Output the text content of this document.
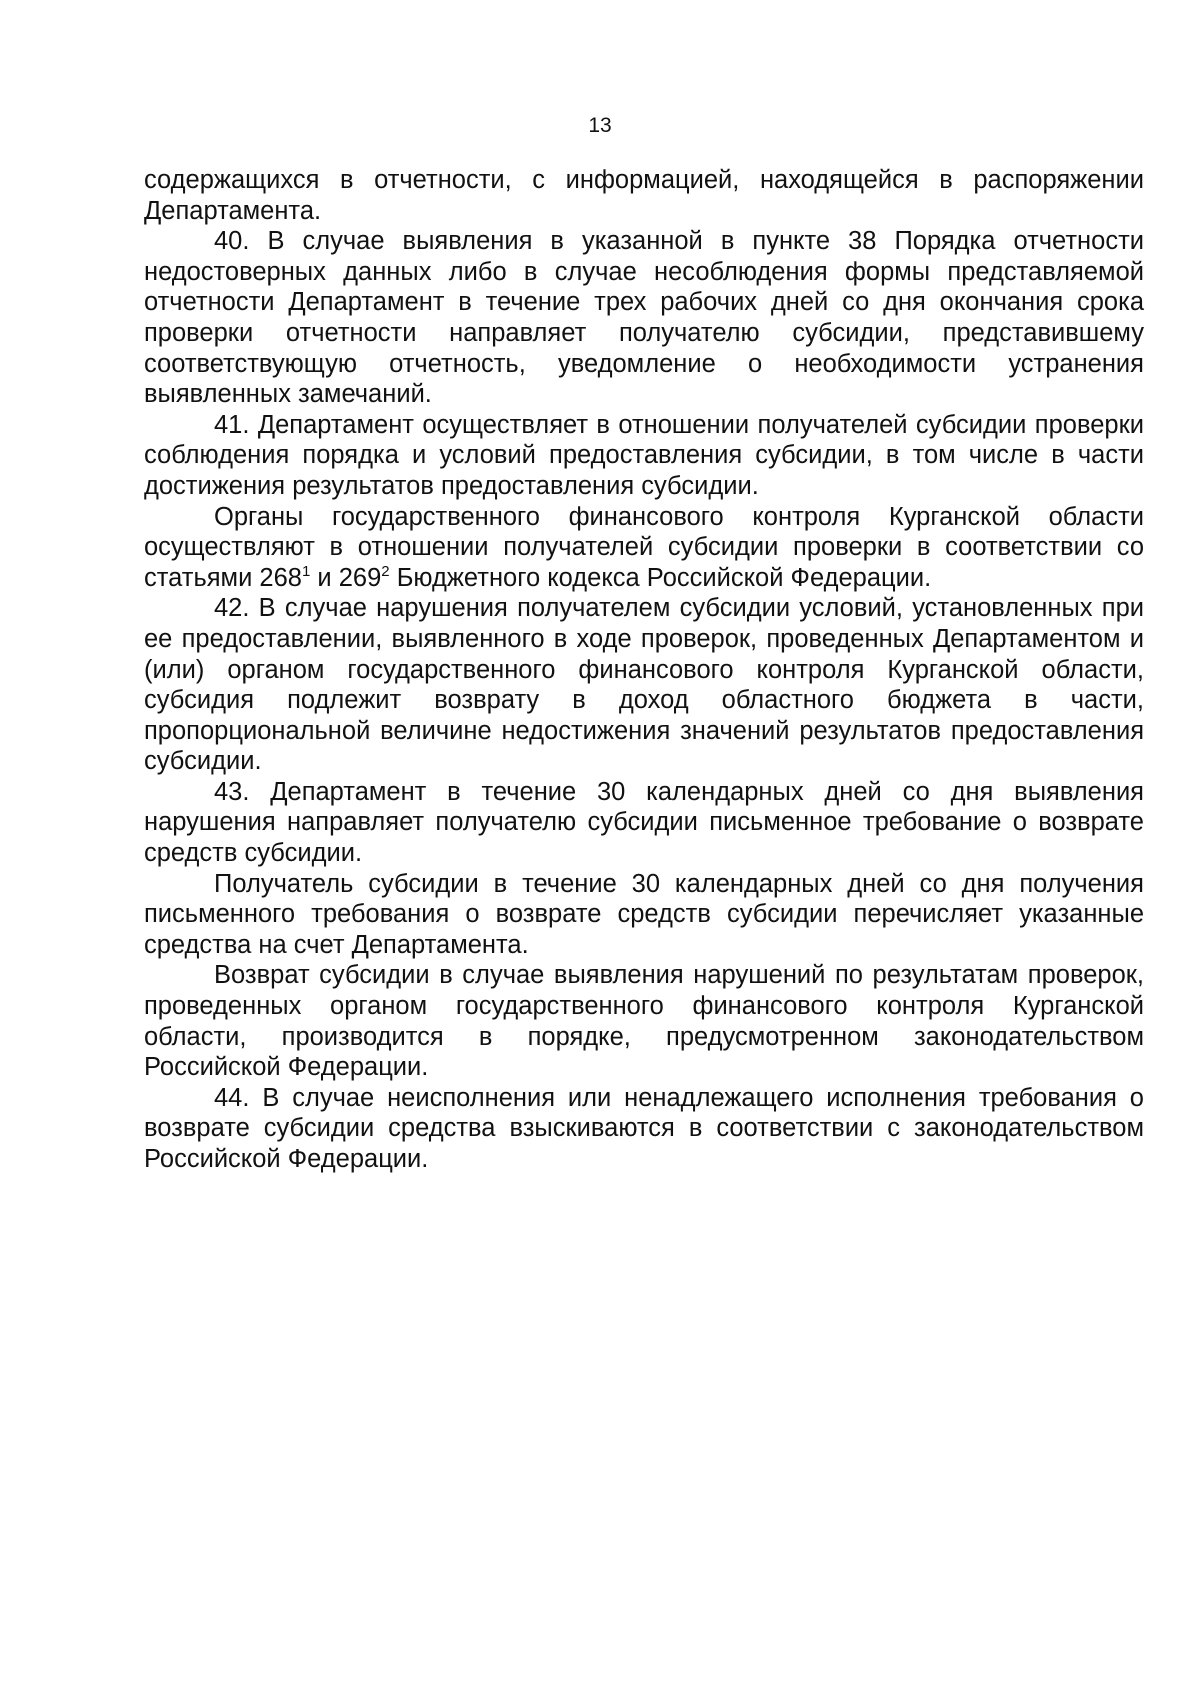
13

содержащихся в отчетности, с информацией, находящейся в распоряжении Департамента.

40. В случае выявления в указанной в пункте 38 Порядка отчетности недостоверных данных либо в случае несоблюдения формы представляемой отчетности Департамент в течение трех рабочих дней со дня окончания срока проверки отчетности направляет получателю субсидии, представившему соответствующую отчетность, уведомление о необходимости устранения выявленных замечаний.

41. Департамент осуществляет в отношении получателей субсидии проверки соблюдения порядка и условий предоставления субсидии, в том числе в части достижения результатов предоставления субсидии.

Органы государственного финансового контроля Курганской области осуществляют в отношении получателей субсидии проверки в соответствии со статьями $268^1$ и $269^2$ Бюджетного кодекса Российской Федерации.

42. В случае нарушения получателем субсидии условий, установленных при ее предоставлении, выявленного в ходе проверок, проведенных Департаментом и (или) органом государственного финансового контроля Курганской области, субсидия подлежит возврату в доход областного бюджета в части, пропорциональной величине недостижения значений результатов предоставления субсидии.

43. Департамент в течение 30 календарных дней со дня выявления нарушения направляет получателю субсидии письменное требование о возврате средств субсидии.

Получатель субсидии в течение 30 календарных дней со дня получения письменного требования о возврате средств субсидии перечисляет указанные средства на счет Департамента.

Возврат субсидии в случае выявления нарушений по результатам проверок, проведенных органом государственного финансового контроля Курганской области, производится в порядке, предусмотренном законодательством Российской Федерации.

44. В случае неисполнения или ненадлежащего исполнения требования о возврате субсидии средства взыскиваются в соответствии с законодательством Российской Федерации.
